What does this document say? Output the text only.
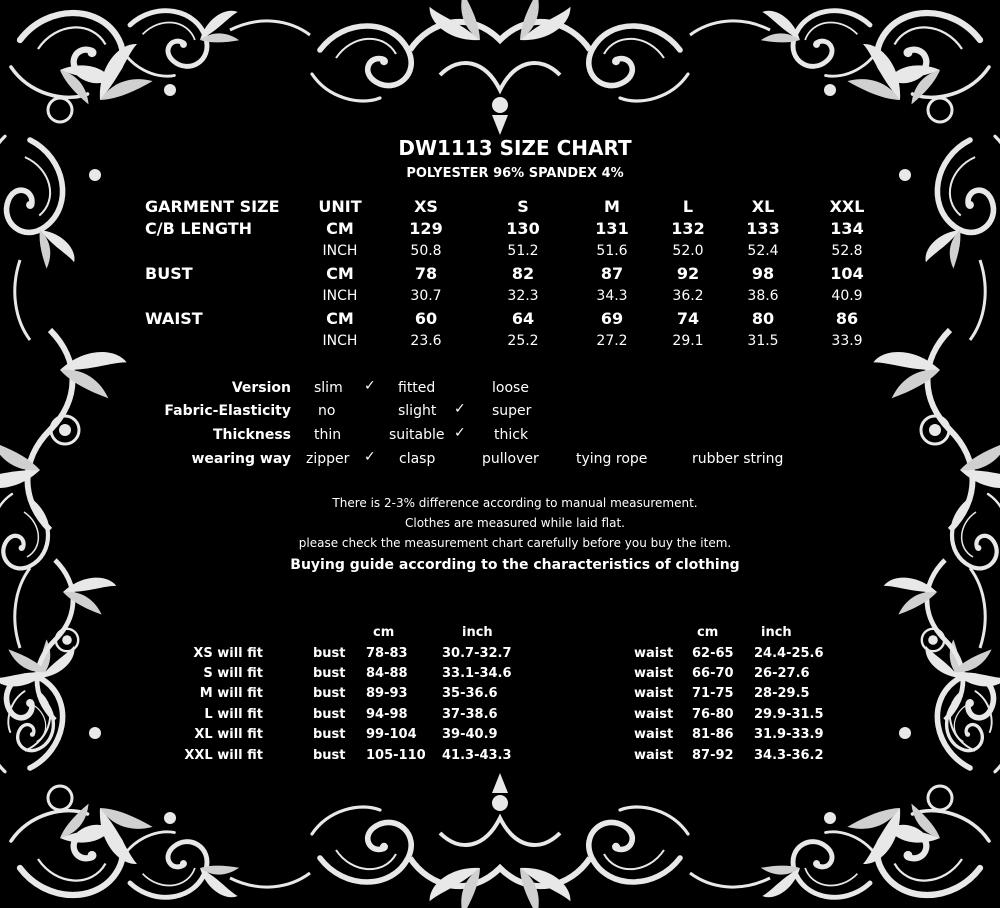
DW1113 SIZE CHART
POLYESTER 96% SPANDEX 4%
GARMENT SIZE UNIT	XS	S	M	L	XL	XXL
C/B LENGTH	CM	129	130	131	132	133	134
INCH	50.8	51.2	51.6	52.0	52.4	52.8
BUST	CM	78	82	87	92	98	104
INCH	30.7	32.3	34.3	36.2	38.6	40.9
WAIST	CM	60	64	69	74	80	86
INCH	23.6	25.2	27.2	29.1	31.5	33.9
Version slim ✓ fitted	loose
Fabric-Elasticity no	slight ✓ super
Thickness thin	suitable ✓ thick
wearing way zipper ✓ clasp	pullover	tying rope	rubber string
There is 2-3% difference according to manual measurement.
Clothes are measured while laid flat.
please check the measurement chart carefully before you buy the item.
Buying guide according to the characteristics of clothing
cm	inch	cm	inch
XS will fit	bust 78-83	30.7-32.7	waist 62-65 24.4-25.6
S will fit	bust 84-88	33.1-34.6	waist 66-70 26-27.6
M will fit	bust 89-93	35-36.6	waist 71-75 28-29.5
L will fit	bust 94-98	37-38.6	waist 76-80 29.9-31.5
XL will fit	bust 99-104 39-40.9	waist 81-86 31.9-33.9
XXL will fit	bust 105-110 41.3-43.3	waist 87-92 34.3-36.2
